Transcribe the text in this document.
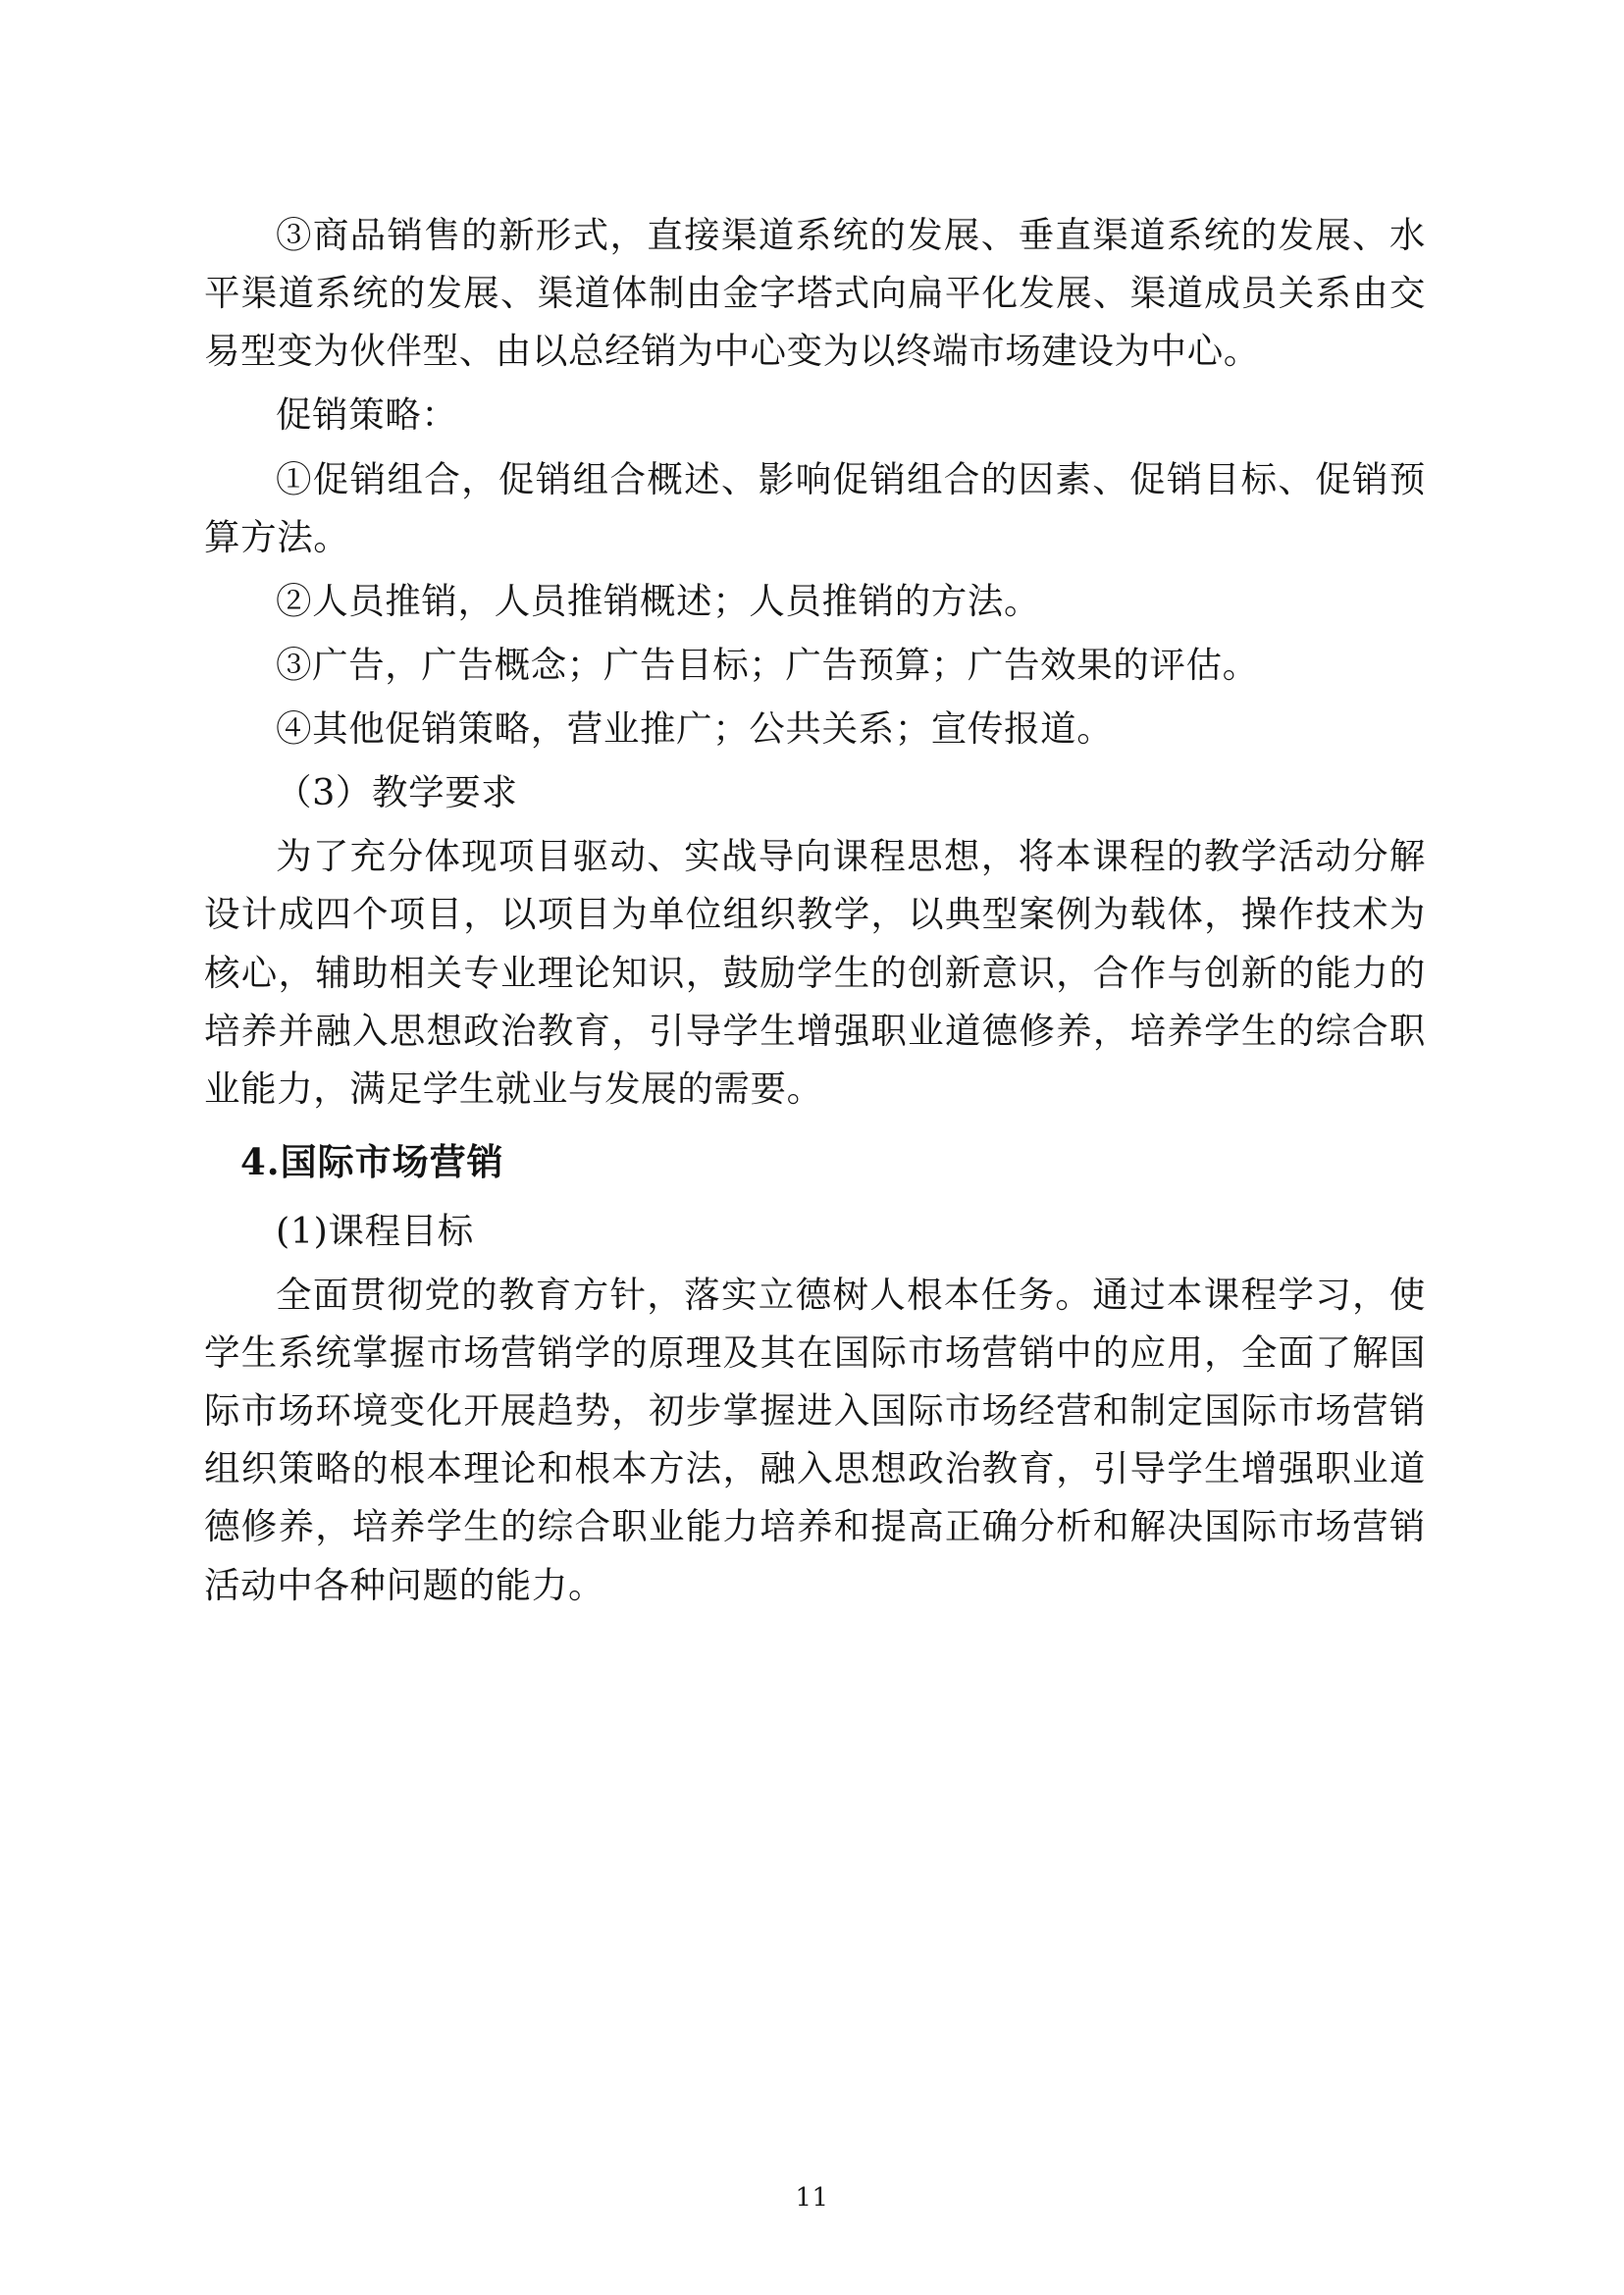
③商品销售的新形式，直接渠道系统的发展、垂直渠道系统的发展、水平渠道系统的发展、渠道体制由金字塔式向扁平化发展、渠道成员关系由交易型变为伙伴型、由以总经销为中心变为以终端市场建设为中心。

促销策略：

①促销组合，促销组合概述、影响促销组合的因素、促销目标、促销预算方法。

②人员推销，人员推销概述；人员推销的方法。

③广告，广告概念；广告目标；广告预算；广告效果的评估。

④其他促销策略，营业推广；公共关系；宣传报道。

（3）教学要求

为了充分体现项目驱动、实战导向课程思想，将本课程的教学活动分解设计成四个项目，以项目为单位组织教学，以典型案例为载体，操作技术为核心，辅助相关专业理论知识，鼓励学生的创新意识，合作与创新的能力的培养并融入思想政治教育，引导学生增强职业道德修养，培养学生的综合职业能力，满足学生就业与发展的需要。

4.国际市场营销

(1)课程目标

全面贯彻党的教育方针，落实立德树人根本任务。通过本课程学习，使学生系统掌握市场营销学的原理及其在国际市场营销中的应用，全面了解国际市场环境变化开展趋势，初步掌握进入国际市场经营和制定国际市场营销组织策略的根本理论和根本方法，融入思想政治教育，引导学生增强职业道德修养，培养学生的综合职业能力培养和提高正确分析和解决国际市场营销活动中各种问题的能力。

11
